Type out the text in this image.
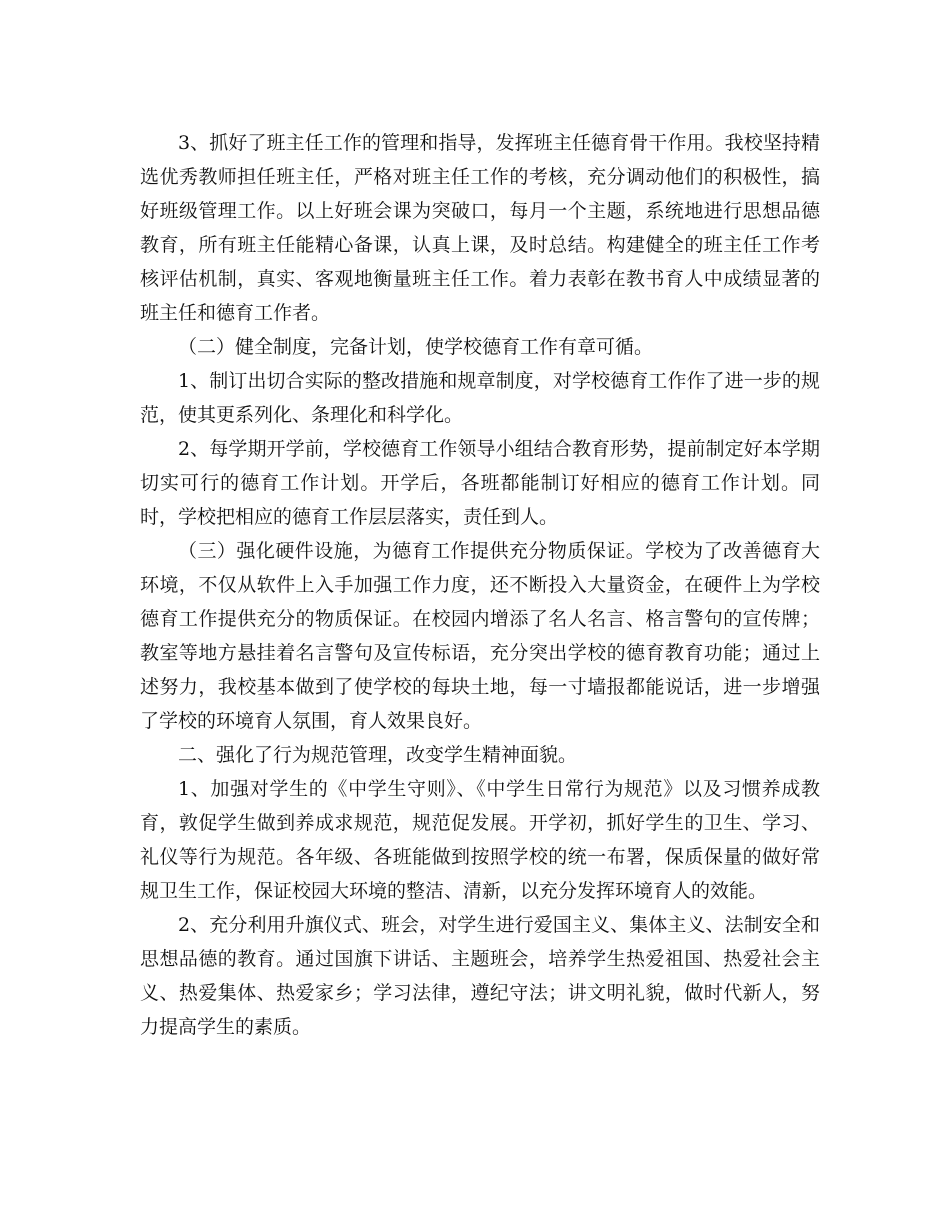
3、抓好了班主任工作的管理和指导，发挥班主任德育骨干作用。我校坚持精选优秀教师担任班主任，严格对班主任工作的考核，充分调动他们的积极性，搞好班级管理工作。以上好班会课为突破口，每月一个主题，系统地进行思想品德教育，所有班主任能精心备课，认真上课，及时总结。构建健全的班主任工作考核评估机制，真实、客观地衡量班主任工作。着力表彰在教书育人中成绩显著的班主任和德育工作者。

（二）健全制度，完备计划，使学校德育工作有章可循。

1、制订出切合实际的整改措施和规章制度，对学校德育工作作了进一步的规范，使其更系列化、条理化和科学化。

2、每学期开学前，学校德育工作领导小组结合教育形势，提前制定好本学期切实可行的德育工作计划。开学后，各班都能制订好相应的德育工作计划。同时，学校把相应的德育工作层层落实，责任到人。

（三）强化硬件设施，为德育工作提供充分物质保证。学校为了改善德育大环境，不仅从软件上入手加强工作力度，还不断投入大量资金，在硬件上为学校德育工作提供充分的物质保证。在校园内增添了名人名言、格言警句的宣传牌；教室等地方悬挂着名言警句及宣传标语，充分突出学校的德育教育功能；通过上述努力，我校基本做到了使学校的每块土地，每一寸墙报都能说话，进一步增强了学校的环境育人氛围，育人效果良好。

二、强化了行为规范管理，改变学生精神面貌。

1、加强对学生的《中学生守则》、《中学生日常行为规范》以及习惯养成教育，敦促学生做到养成求规范，规范促发展。开学初，抓好学生的卫生、学习、礼仪等行为规范。各年级、各班能做到按照学校的统一布署，保质保量的做好常规卫生工作，保证校园大环境的整洁、清新，以充分发挥环境育人的效能。

2、充分利用升旗仪式、班会，对学生进行爱国主义、集体主义、法制安全和思想品德的教育。通过国旗下讲话、主题班会，培养学生热爱祖国、热爱社会主义、热爱集体、热爱家乡；学习法律，遵纪守法；讲文明礼貌，做时代新人，努力提高学生的素质。
